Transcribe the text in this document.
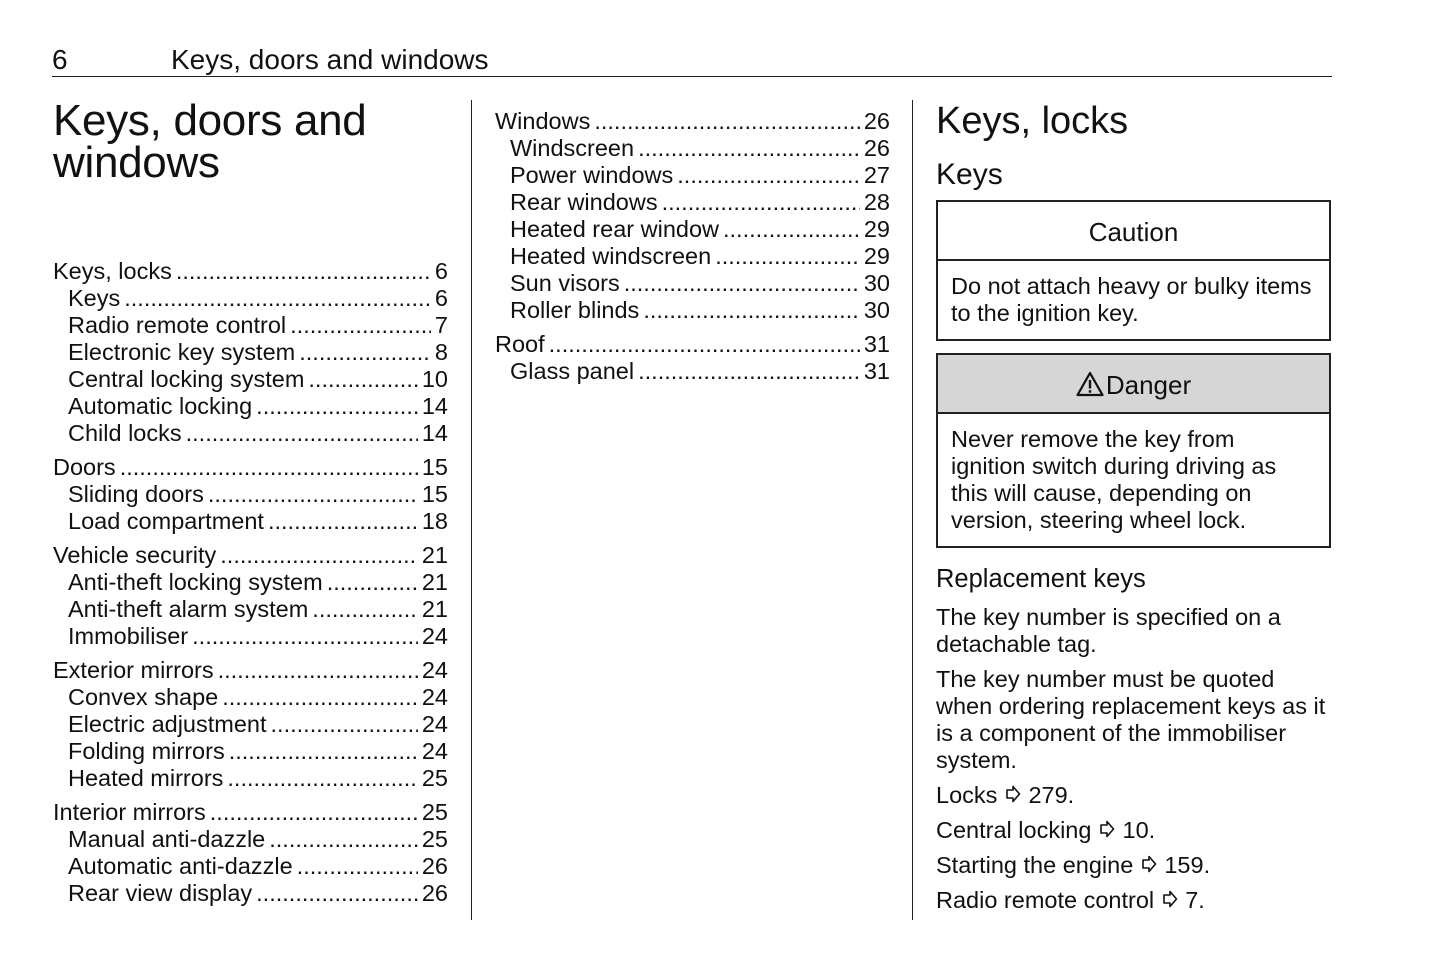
6	Keys, doors and windows
Keys, doors and
windows
Keys, locks .....	6
Keys .....	6
Radio remote control .....	7
Electronic key system .....	8
Central locking system .....	10
Automatic locking .....	14
Child locks .....	14
Doors .....	15
Sliding doors .....	15
Load compartment .....	18
Vehicle security .....	21
Anti-theft locking system .....	21
Anti-theft alarm system .....	21
Immobiliser .....	24
Exterior mirrors .....	24
Convex shape .....	24
Electric adjustment .....	24
Folding mirrors .....	24
Heated mirrors .....	25
Interior mirrors .....	25
Manual anti-dazzle .....	25
Automatic anti-dazzle .....	26
Rear view display .....	26
Windows .....	26
Windscreen .....	26
Power windows .....	27
Rear windows .....	28
Heated rear window .....	29
Heated windscreen .....	29
Sun visors .....	30
Roller blinds .....	30
Roof .....	31
Glass panel .....	31
Keys, locks
Keys
Caution
Do not attach heavy or bulky items to the ignition key.
Danger
Never remove the key from ignition switch during driving as this will cause, depending on version, steering wheel lock.
Replacement keys

The key number is specified on a detachable tag.

The key number must be quoted when ordering replacement keys as it is a component of the immobiliser system.

Locks 279.

Central locking 10.

Starting the engine 159.

Radio remote control 7.
